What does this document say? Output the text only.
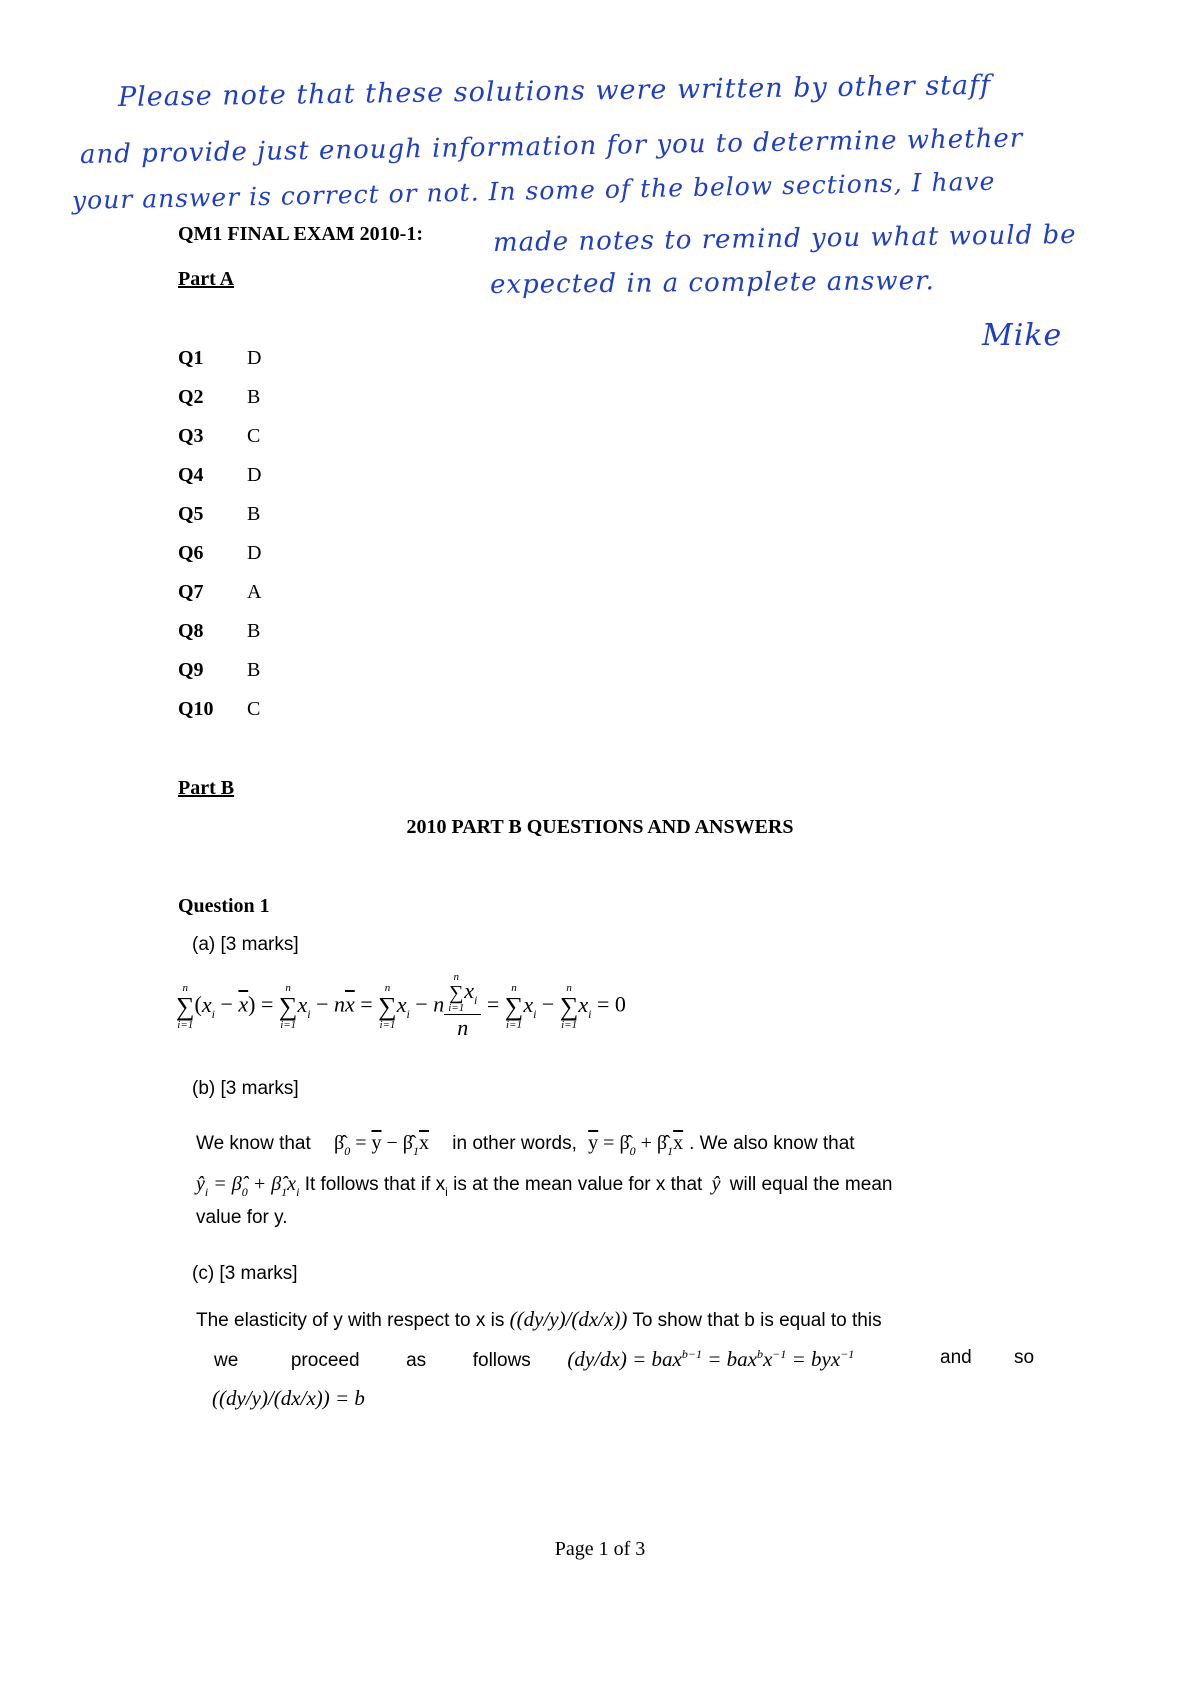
Please note that these solutions were written by other staff
and provide just enough information for you to determine whether
your answer is correct or not. In some of the below sections, I have
made notes to remind you what would be
expected in a complete answer.
Mike
QM1 FINAL EXAM 2010-1:
Part A
Q1 D
Q2 B
Q3 C
Q4 D
Q5 B
Q6 D
Q7 A
Q8 B
Q9 B
Q10 C
Part B
2010 PART B QUESTIONS AND ANSWERS
Question 1
(a) [3 marks]
n
∑
i=1
$(x_i - \overline{x})$ =
n
∑
i=1
$x_i - n\overline{x}$ =
n
∑
i=1
$x_i - n$ n
∑
i=1
$x_i$
n =
n
∑
i=1
$x_i$ −
n
∑
i=1
$x_i = 0$
(b) [3 marks]
We know that $\betâ_0 = \overline{y}$ − $\betâ_1\overline{x}$ in other words, $\overline{y}$ = $\betâ_0$ + $\betâ_1\overline{x}$ . We also know that
$ŷ_i$ = $\betâ_0$ + $\betâ_1x_i$ It follows that if $x_i$ is at the mean value for x that ŷ will equal the mean
value for y.
(c) [3 marks]
The elasticity of y with respect to x is ((dy/y)/(dx/x)) To show that b is equal to this
we	proceed as follows $(dy/dx) = bax^{b-1} = bax^bx^{-1} = byx^{-1}$	and so
((dy/y)/(dx/x)) = b
Page 1 of 3
